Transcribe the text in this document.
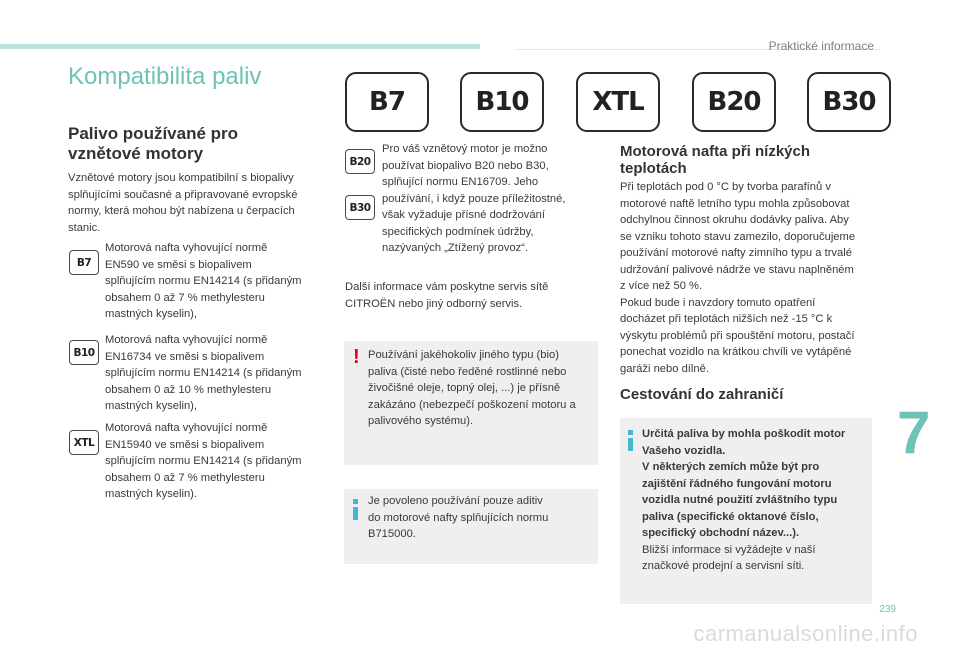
Praktické informace
Kompatibilita paliv
Palivo používané pro
vznětové motory
Vznětové motory jsou kompatibilní s biopalivy
splňujícími současné a připravované evropské
normy, která mohou být nabízena u čerpacích
stanic.
B7
Motorová nafta vyhovující normě
EN590 ve směsi s biopalivem
splňujícím normu EN14214 (s přidaným
obsahem 0 až 7 % methylesteru
mastných kyselin),
B10
Motorová nafta vyhovující normě
EN16734 ve směsi s biopalivem
splňujícím normu EN14214 (s přidaným
obsahem 0 až 10 % methylesteru
mastných kyselin),
XTL
Motorová nafta vyhovující normě
EN15940 ve směsi s biopalivem
splňujícím normu EN14214 (s přidaným
obsahem 0 až 7 % methylesteru
mastných kyselin).
B7	B10	XTL	B20	B30
B20
B30
Pro váš vznětový motor je možno
používat biopalivo B20 nebo B30,
splňující normu EN16709. Jeho
používání, i když pouze příležitostné,
však vyžaduje přísné dodržování
specifických podmínek údržby,
nazývaných „Ztížený provoz“.
Další informace vám poskytne servis sítě
CITROËN nebo jiný odborný servis.
! Používání jakéhokoliv jiného typu (bio)
paliva (čisté nebo ředěné rostlinné nebo
živočišné oleje, topný olej, ...) je přísně
zakázáno (nebezpečí poškození motoru a
palivového systému).
Je povoleno používání pouze aditiv
do motorové nafty splňujících normu
B715000.
Motorová nafta při nízkých
teplotách
Při teplotách pod 0 °C by tvorba parafínů v
motorové naftě letního typu mohla způsobovat
odchylnou činnost okruhu dodávky paliva. Aby
se vzniku tohoto stavu zamezilo, doporučujeme
používání motorové nafty zimního typu a trvalé
udržování palivové nádrže ve stavu naplněném
z více než 50 %.
Pokud bude i navzdory tomuto opatření
docházet při teplotách nižších než -15 °C k
výskytu problémů při spouštění motoru, postačí
ponechat vozidlo na krátkou chvíli ve vytápěné
garáži nebo dílně.
Cestování do zahraničí
Určitá paliva by mohla poškodit motor
Vašeho vozidla.
V některých zemích může být pro
zajištění řádného fungování motoru
vozidla nutné použití zvláštního typu
paliva (specifické oktanové číslo,
specifický obchodní název...).
Bližší informace si vyžádejte v naší
značkové prodejní a servisní síti.
7
239
carmanualsonline.info
